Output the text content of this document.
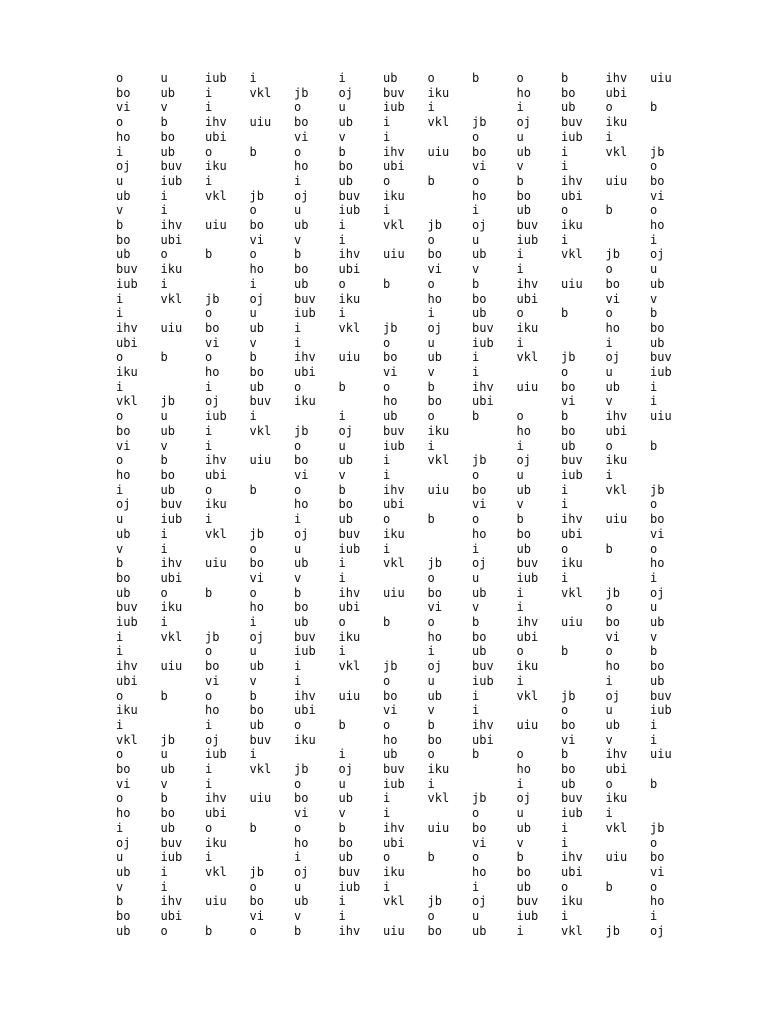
o	u	iub	i		i	ub	o	b	o	b	ihv	uiu
bo	ub	i	vkl	jb	oj	buv	iku		ho	bo	ubi	
vi	v	i		o	u	iub	i		i	ub	o	b
o	b	ihv	uiu	bo	ub	i	vkl	jb	oj	buv	iku	
ho	bo	ubi		vi	v	i		o	u	iub	i	
i	ub	o	b	o	b	ihv	uiu	bo	ub	i	vkl	jb
oj	buv	iku		ho	bo	ubi		vi	v	i		o
u	iub	i		i	ub	o	b	o	b	ihv	uiu	bo
ub	i	vkl	jb	oj	buv	iku		ho	bo	ubi		vi
v	i		o	u	iub	i		i	ub	o	b	o
b	ihv	uiu	bo	ub	i	vkl	jb	oj	buv	iku		ho
bo	ubi		vi	v	i		o	u	iub	i		i
ub	o	b	o	b	ihv	uiu	bo	ub	i	vkl	jb	oj
buv	iku		ho	bo	ubi		vi	v	i		o	u
iub	i		i	ub	o	b	o	b	ihv	uiu	bo	ub
i	vkl	jb	oj	buv	iku		ho	bo	ubi		vi	v
i		o	u	iub	i		i	ub	o	b	o	b
ihv	uiu	bo	ub	i	vkl	jb	oj	buv	iku		ho	bo
ubi		vi	v	i		o	u	iub	i		i	ub
o	b	o	b	ihv	uiu	bo	ub	i	vkl	jb	oj	buv
iku		ho	bo	ubi		vi	v	i		o	u	iub
i		i	ub	o	b	o	b	ihv	uiu	bo	ub	i
vkl	jb	oj	buv	iku		ho	bo	ubi		vi	v	i
o	u	iub	i		i	ub	o	b	o	b	ihv	uiu
bo	ub	i	vkl	jb	oj	buv	iku		ho	bo	ubi	
vi	v	i		o	u	iub	i		i	ub	o	b
o	b	ihv	uiu	bo	ub	i	vkl	jb	oj	buv	iku	
ho	bo	ubi		vi	v	i		o	u	iub	i	
i	ub	o	b	o	b	ihv	uiu	bo	ub	i	vkl	jb
oj	buv	iku		ho	bo	ubi		vi	v	i		o
u	iub	i		i	ub	o	b	o	b	ihv	uiu	bo
ub	i	vkl	jb	oj	buv	iku		ho	bo	ubi		vi
v	i		o	u	iub	i		i	ub	o	b	o
b	ihv	uiu	bo	ub	i	vkl	jb	oj	buv	iku		ho
bo	ubi		vi	v	i		o	u	iub	i		i
ub	o	b	o	b	ihv	uiu	bo	ub	i	vkl	jb	oj
buv	iku		ho	bo	ubi		vi	v	i		o	u
iub	i		i	ub	o	b	o	b	ihv	uiu	bo	ub
i	vkl	jb	oj	buv	iku		ho	bo	ubi		vi	v
i		o	u	iub	i		i	ub	o	b	o	b
ihv	uiu	bo	ub	i	vkl	jb	oj	buv	iku		ho	bo
ubi		vi	v	i		o	u	iub	i		i	ub
o	b	o	b	ihv	uiu	bo	ub	i	vkl	jb	oj	buv
iku		ho	bo	ubi		vi	v	i		o	u	iub
i		i	ub	o	b	o	b	ihv	uiu	bo	ub	i
vkl	jb	oj	buv	iku		ho	bo	ubi		vi	v	i
o	u	iub	i		i	ub	o	b	o	b	ihv	uiu
bo	ub	i	vkl	jb	oj	buv	iku		ho	bo	ubi	
vi	v	i		o	u	iub	i		i	ub	o	b
o	b	ihv	uiu	bo	ub	i	vkl	jb	oj	buv	iku	
ho	bo	ubi		vi	v	i		o	u	iub	i	
i	ub	o	b	o	b	ihv	uiu	bo	ub	i	vkl	jb
oj	buv	iku		ho	bo	ubi		vi	v	i		o
u	iub	i		i	ub	o	b	o	b	ihv	uiu	bo
ub	i	vkl	jb	oj	buv	iku		ho	bo	ubi		vi
v	i		o	u	iub	i		i	ub	o	b	o
b	ihv	uiu	bo	ub	i	vkl	jb	oj	buv	iku		ho
bo	ubi		vi	v	i		o	u	iub	i		i
ub	o	b	o	b	ihv	uiu	bo	ub	i	vkl	jb	oj
